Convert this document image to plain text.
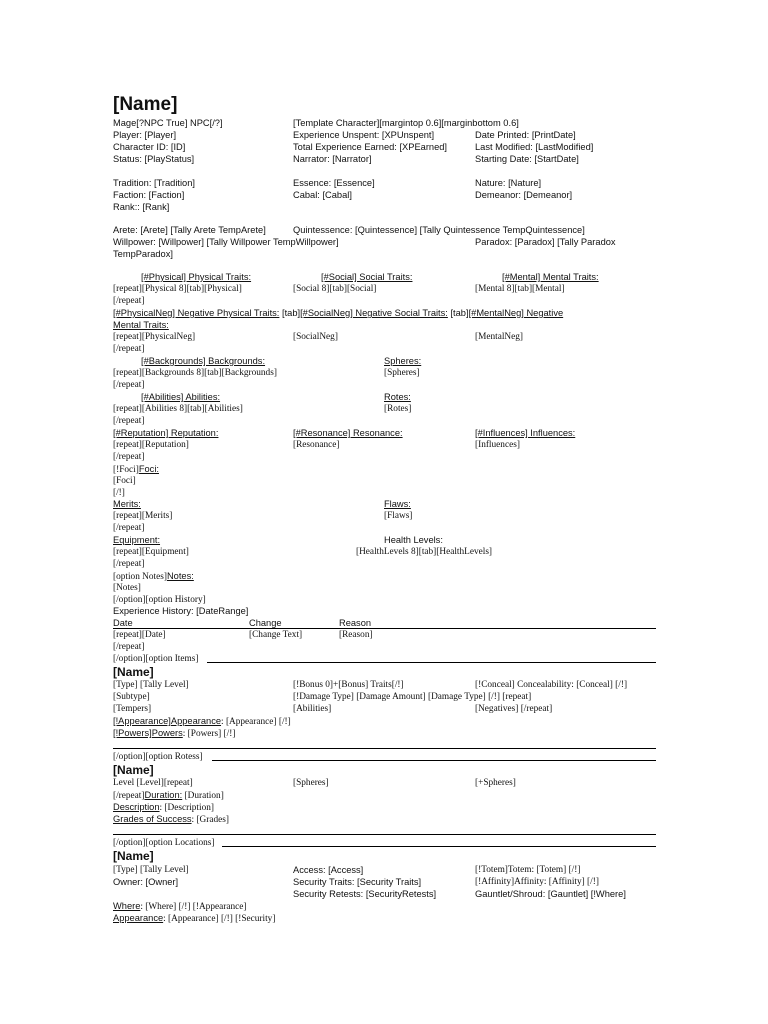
[Name]
Mage[?NPC True] NPC[/?]	[Template Character][margintop 0.6][marginbottom 0.6]
Player: [Player]	Experience Unspent: [XPUnspent]	Date Printed: [PrintDate]
Character ID: [ID]	Total Experience Earned: [XPEarned]	Last Modified: [LastModified]
Status: [PlayStatus]	Narrator: [Narrator]	Starting Date: [StartDate]
Tradition: [Tradition]	Essence: [Essence]	Nature: [Nature]
Faction: [Faction]	Cabal: [Cabal]	Demeanor: [Demeanor]
Rank:: [Rank]
Arete: [Arete] [Tally Arete TempArete]	Quintessence: [Quintessence] [Tally Quintessence TempQuintessence]
Willpower: [Willpower] [Tally Willpower TempWillpower]	Paradox: [Paradox] [Tally Paradox
TempParadox]
[#Physical] Physical Traits:	[#Social] Social Traits:	[#Mental] Mental Traits:
[repeat][Physical 8][tab][Physical]	[Social 8][tab][Social]	[Mental 8][tab][Mental]
[/repeat]
[#PhysicalNeg] Negative Physical Traits: [tab][#SocialNeg] Negative Social Traits: [tab][#MentalNeg] Negative
Mental Traits:
[repeat][PhysicalNeg]	[SocialNeg]	[MentalNeg]
[/repeat]
[#Backgrounds] Backgrounds:	Spheres:
[repeat][Backgrounds 8][tab][Backgrounds]	[Spheres]
[/repeat]
[#Abilities] Abilities:	Rotes:
[repeat][Abilities 8][tab][Abilities]	[Rotes]
[/repeat]
[#Reputation] Reputation:	[#Resonance] Resonance:	[#Influences] Influences:
[repeat][Reputation]	[Resonance]	[Influences]
[/repeat]
[!Foci]Foci:
[Foci]
[/!]
Merits:	Flaws:
[repeat][Merits]	[Flaws]
[/repeat]
Equipment:	Health Levels:
[repeat][Equipment]	[HealthLevels 8][tab][HealthLevels]
[/repeat]
[option Notes]Notes:
[Notes]
[/option][option History]
Experience History: [DateRange]
Date	Change	Reason
[repeat][Date]	[Change Text]	[Reason]
[/repeat]
[/option][option Items]
[Name]
[Type] [Tally Level]	[!Bonus 0]+[Bonus] Traits[/!]	[!Conceal] Concealability: [Conceal] [/!]
[Subtype]	[!Damage Type] [Damage Amount] [Damage Type] [/!] [repeat]
[Tempers]	[Abilities]	[Negatives] [/repeat]
[!Appearance]Appearance: [Appearance] [/!]
[!Powers]Powers: [Powers] [/!]
[/option][option Rotess]
[Name]
Level [Level][repeat]	[Spheres]	[+Spheres]
[/repeat]Duration: [Duration]
Description: [Description]
Grades of Success: [Grades]
[/option][option Locations]
[Name]
[Type] [Tally Level]	Access: [Access]	[!Totem]Totem: [Totem] [/!]
Owner: [Owner]	Security Traits: [Security Traits]	[!Affinity]Affinity: [Affinity] [/!]
Security Retests: [SecurityRetests]	Gauntlet/Shroud: [Gauntlet] [!Where]
Where: [Where] [/!] [!Appearance]
Appearance: [Appearance] [/!] [!Security]
